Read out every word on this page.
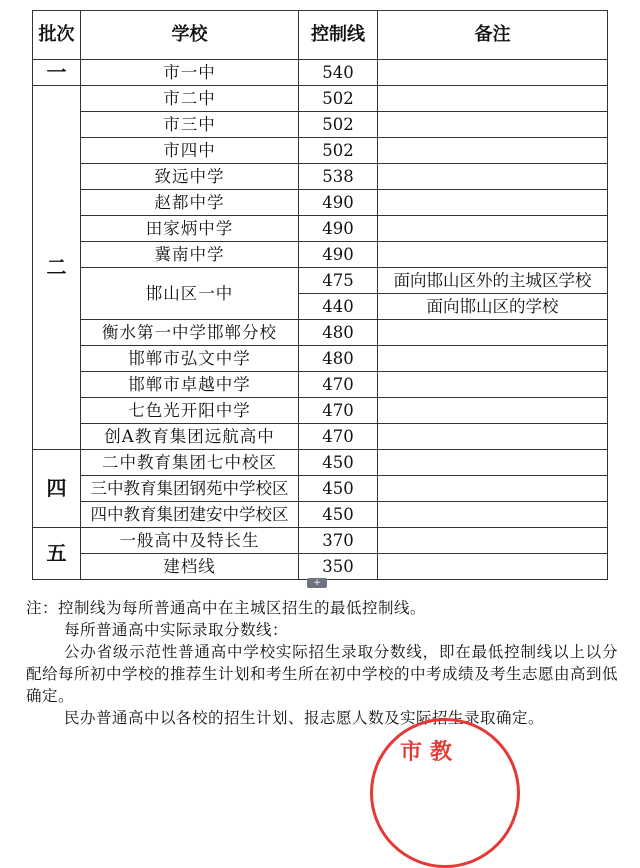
批次	学校	控制线	备注
一	市一中	540	
二	市二中	502	
	市三中	502	
	市四中	502	
	致远中学	538	
	赵都中学	490	
	田家炳中学	490	
	冀南中学	490	
	邯山区一中	475	面向邯山区外的主城区学校
		440	面向邯山区的学校
	衡水第一中学邯郸分校	480	
	邯郸市弘文中学	480	
	邯郸市卓越中学	470	
	七色光开阳中学	470	
	创A教育集团远航高中	470	
四	二中教育集团七中校区	450	
	三中教育集团钢苑中学校区	450	
	四中教育集团建安中学校区	450	
五	一般高中及特长生	370	
	建档线	350	
+

注：控制线为每所普通高中在主城区招生的最低控制线。

每所普通高中实际录取分数线：

公办省级示范性普通高中学校实际招生录取分数线，即在最低控制线以上以分配给每所初中学校的推荐生计划和考生所在初中学校的中考成绩及考生志愿由高到低确定。

民办普通高中以各校的招生计划、报志愿人数及实际招生录取确定。

市教
